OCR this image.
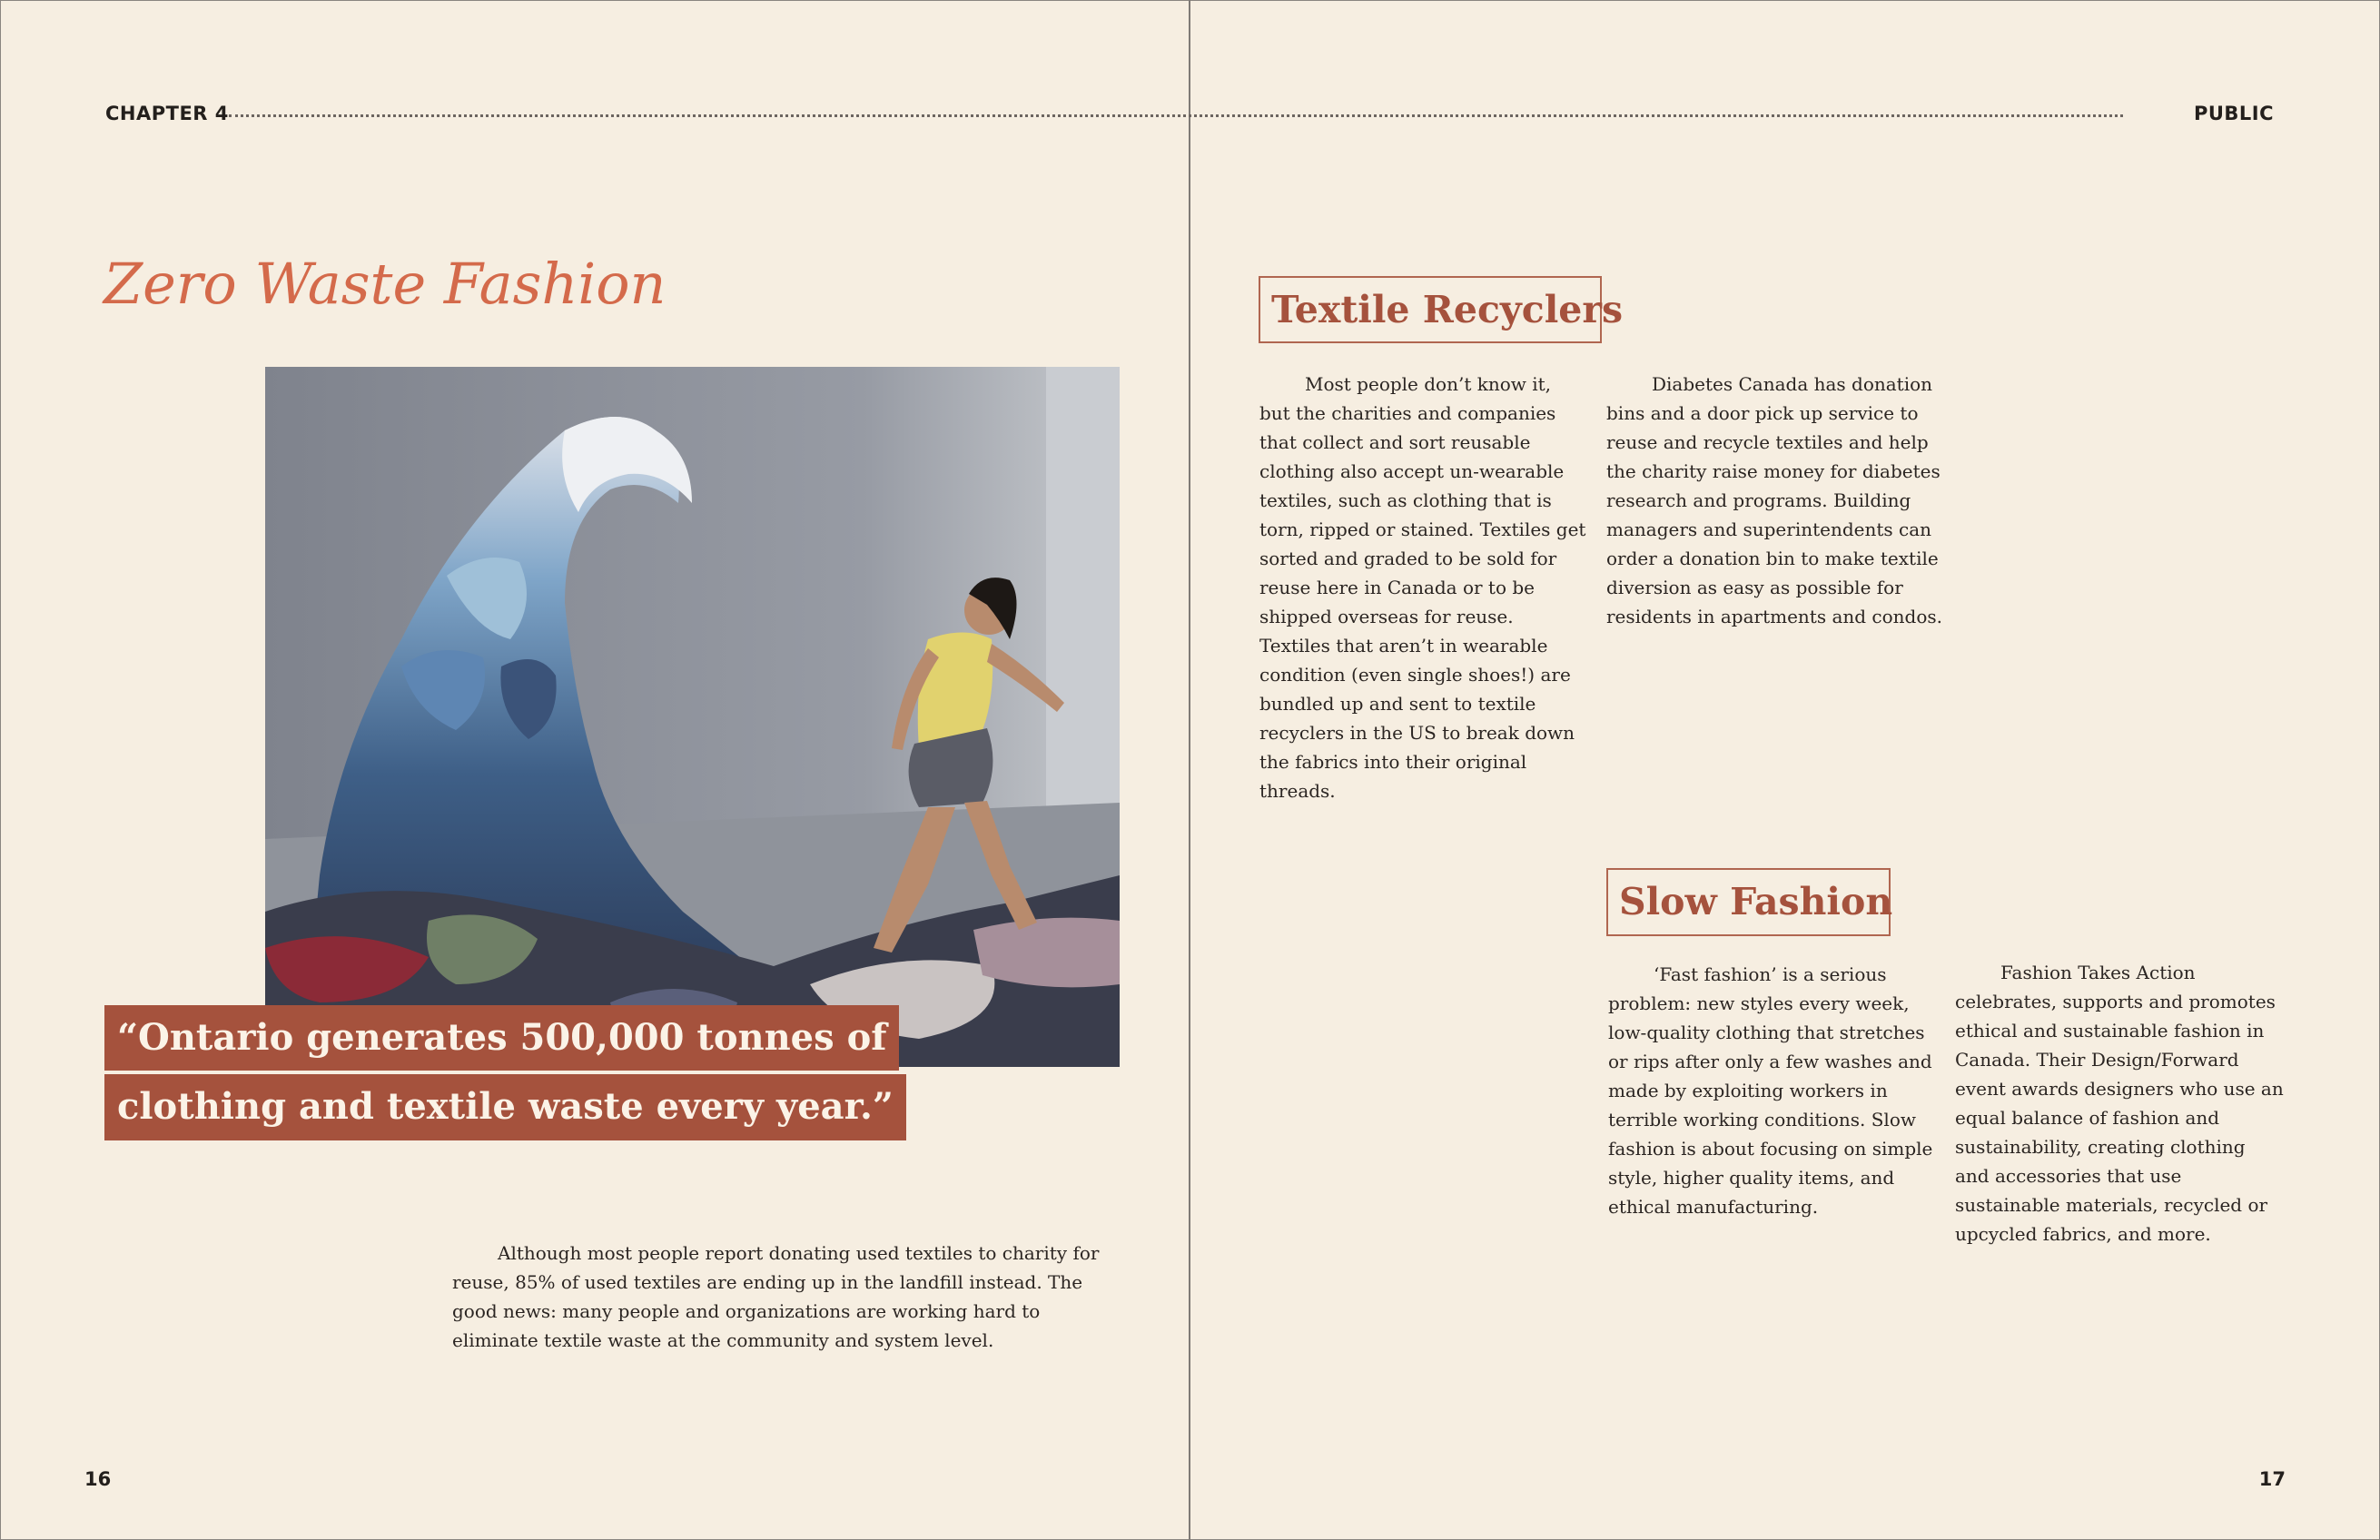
CHAPTER 4	PUBLIC
Zero Waste Fashion
“Ontario generates 500,000 tonnes of
clothing and textile waste every year.”

Although most people report donating used textiles to charity for reuse, 85% of used textiles are ending up in the landfill instead. The good news: many people and organizations are working hard to eliminate textile waste at the community and system level.

16
Textile Recyclers

Most people don’t know it, but the charities and companies that collect and sort reusable clothing also accept un-wearable textiles, such as clothing that is torn, ripped or stained. Textiles get sorted and graded to be sold for reuse here in Canada or to be shipped overseas for reuse. Textiles that aren’t in wearable condition (even single shoes!) are bundled up and sent to textile recyclers in the US to break down the fabrics into their original threads.

Diabetes Canada has donation bins and a door pick up service to reuse and recycle textiles and help the charity raise money for diabetes research and programs. Building managers and superintendents can order a donation bin to make textile diversion as easy as possible for residents in apartments and condos.

Slow Fashion

‘Fast fashion’ is a serious problem: new styles every week, low-quality clothing that stretches or rips after only a few washes and made by exploiting workers in terrible working conditions. Slow fashion is about focusing on simple style, higher quality items, and ethical manufacturing.

Fashion Takes Action celebrates, supports and promotes ethical and sustainable fashion in Canada. Their Design/Forward event awards designers who use an equal balance of fashion and sustainability, creating clothing and accessories that use sustainable materials, recycled or upcycled fabrics, and more.

17
